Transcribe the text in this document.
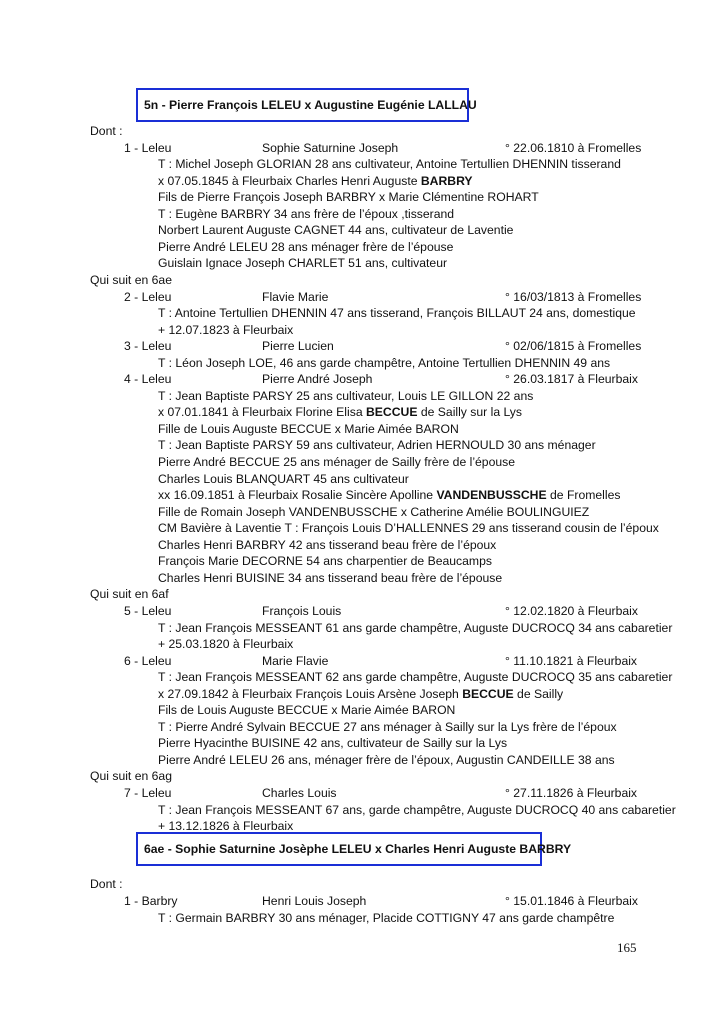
5n - Pierre François LELEU x Augustine Eugénie LALLAU
Dont :
1 - Leleu	Sophie Saturnine Joseph	° 22.06.1810 à Fromelles
T : Michel Joseph GLORIAN 28 ans cultivateur, Antoine Tertullien DHENNIN tisserand
x 07.05.1845 à Fleurbaix Charles Henri Auguste BARBRY
Fils de Pierre François Joseph BARBRY x Marie Clémentine ROHART
T : Eugène BARBRY 34 ans frère de l’époux ,tisserand
Norbert Laurent Auguste CAGNET 44 ans, cultivateur de Laventie
Pierre André LELEU 28 ans ménager frère de l’épouse
Guislain Ignace Joseph CHARLET 51 ans, cultivateur
Qui suit en 6ae
2 - Leleu	Flavie Marie	° 16/03/1813 à Fromelles
T : Antoine Tertullien DHENNIN 47 ans tisserand, François BILLAUT 24 ans, domestique
+ 12.07.1823 à Fleurbaix
3 - Leleu	Pierre Lucien	° 02/06/1815 à Fromelles
T : Léon Joseph LOE, 46 ans garde champêtre, Antoine Tertullien DHENNIN 49 ans
4 - Leleu	Pierre André Joseph	° 26.03.1817 à Fleurbaix
T : Jean Baptiste PARSY 25 ans cultivateur, Louis LE GILLON 22 ans
x 07.01.1841 à Fleurbaix Florine Elisa BECCUE de Sailly sur la Lys
Fille de Louis Auguste BECCUE x Marie Aimée BARON
T : Jean Baptiste PARSY 59 ans cultivateur, Adrien HERNOULD 30 ans ménager
Pierre André BECCUE 25 ans ménager de Sailly frère de l’épouse
Charles Louis BLANQUART 45 ans cultivateur
xx 16.09.1851 à Fleurbaix Rosalie Sincère Apolline VANDENBUSSCHE de Fromelles
Fille de Romain Joseph VANDENBUSSCHE x Catherine Amélie BOULINGUIEZ
CM Bavière à Laventie T : François Louis D’HALLENNES 29 ans tisserand cousin de l’époux
Charles Henri BARBRY 42 ans tisserand beau frère de l’époux
François Marie DECORNE 54 ans charpentier de Beaucamps
Charles Henri BUISINE 34 ans tisserand beau frère de l’épouse
Qui suit en 6af
5 - Leleu	François Louis	° 12.02.1820 à Fleurbaix
T : Jean François MESSEANT 61 ans garde champêtre, Auguste DUCROCQ 34 ans cabaretier
+ 25.03.1820 à Fleurbaix
6 - Leleu	Marie Flavie	° 11.10.1821 à Fleurbaix
T : Jean François MESSEANT 62 ans garde champêtre, Auguste DUCROCQ 35 ans cabaretier
x 27.09.1842 à Fleurbaix François Louis Arsène Joseph BECCUE de Sailly
Fils de Louis Auguste BECCUE x Marie Aimée BARON
T : Pierre André Sylvain BECCUE 27 ans ménager à Sailly sur la Lys frère de l’époux
Pierre Hyacinthe BUISINE 42 ans, cultivateur de Sailly sur la Lys
Pierre André LELEU 26 ans, ménager frère de l’époux, Augustin CANDEILLE 38 ans
Qui suit en 6ag
7 - Leleu	Charles Louis	° 27.11.1826 à Fleurbaix
T : Jean François MESSEANT 67 ans, garde champêtre, Auguste DUCROCQ 40 ans cabaretier
+ 13.12.1826 à Fleurbaix
6ae - Sophie Saturnine Josèphe LELEU x Charles Henri Auguste BARBRY
Dont :
1 - Barbry	Henri Louis Joseph	° 15.01.1846 à Fleurbaix
T : Germain BARBRY 30 ans ménager, Placide COTTIGNY 47 ans garde champêtre
165
